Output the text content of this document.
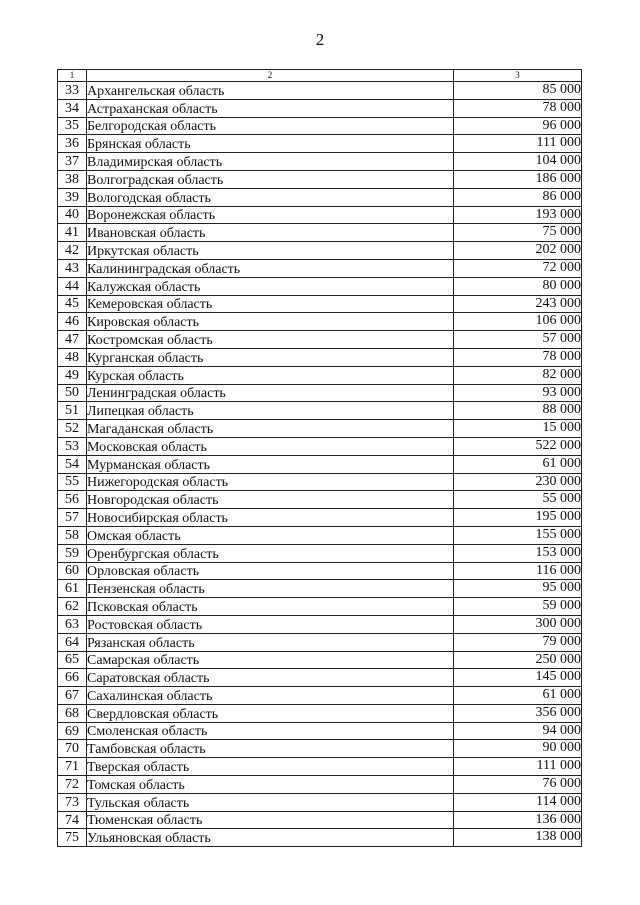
2
1	2	3
33	Архангельская область	85 000
34	Астраханская область	78 000
35	Белгородская область	96 000
36	Брянская область	111 000
37	Владимирская область	104 000
38	Волгоградская область	186 000
39	Вологодская область	86 000
40	Воронежская область	193 000
41	Ивановская область	75 000
42	Иркутская область	202 000
43	Калининградская область	72 000
44	Калужская область	80 000
45	Кемеровская область	243 000
46	Кировская область	106 000
47	Костромская область	57 000
48	Курганская область	78 000
49	Курская область	82 000
50	Ленинградская область	93 000
51	Липецкая область	88 000
52	Магаданская область	15 000
53	Московская область	522 000
54	Мурманская область	61 000
55	Нижегородская область	230 000
56	Новгородская область	55 000
57	Новосибирская область	195 000
58	Омская область	155 000
59	Оренбургская область	153 000
60	Орловская область	116 000
61	Пензенская область	95 000
62	Псковская область	59 000
63	Ростовская область	300 000
64	Рязанская область	79 000
65	Самарская область	250 000
66	Саратовская область	145 000
67	Сахалинская область	61 000
68	Свердловская область	356 000
69	Смоленская область	94 000
70	Тамбовская область	90 000
71	Тверская область	111 000
72	Томская область	76 000
73	Тульская область	114 000
74	Тюменская область	136 000
75	Ульяновская область	138 000
